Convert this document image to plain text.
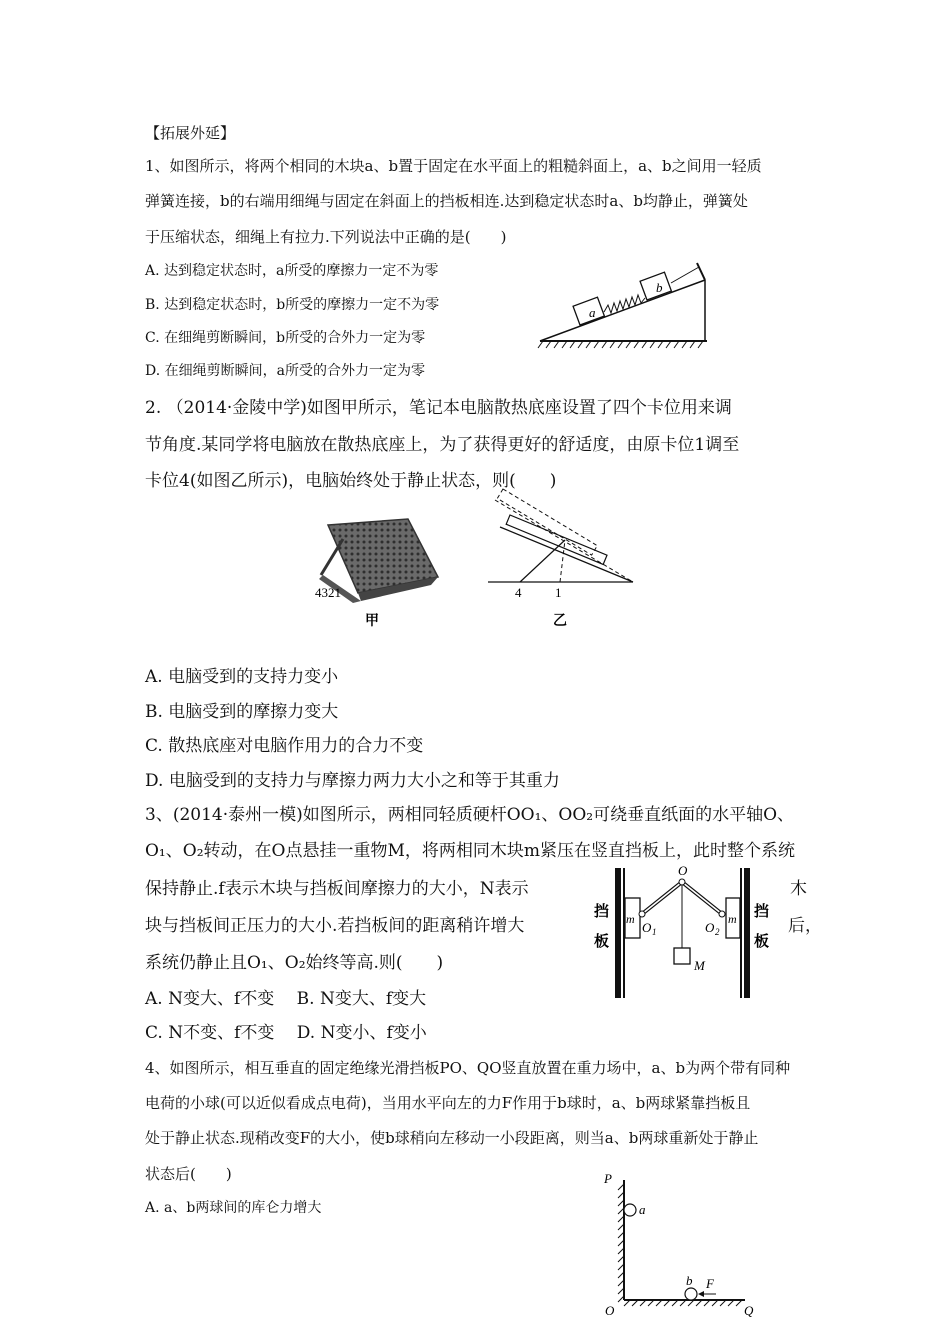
【拓展外延】
1、如图所示，将两个相同的木块a、b置于固定在水平面上的粗糙斜面上，a、b之间用一轻质
弹簧连接，b的右端用细绳与固定在斜面上的挡板相连.达到稳定状态时a、b均静止，弹簧处
于压缩状态，细绳上有拉力.下列说法中正确的是(　　)
A. 达到稳定状态时，a所受的摩擦力一定不为零
B. 达到稳定状态时，b所受的摩擦力一定不为零
C. 在细绳剪断瞬间，b所受的合外力一定为零
D. 在细绳剪断瞬间，a所受的合外力一定为零
a
b
2. （2014·金陵中学)如图甲所示，笔记本电脑散热底座设置了四个卡位用来调
节角度.某同学将电脑放在散热底座上，为了获得更好的舒适度，由原卡位1调至
卡位4(如图乙所示)，电脑始终处于静止状态，则(　　)
4321
甲
4	1
乙
A. 电脑受到的支持力变小
B. 电脑受到的摩擦力变大
C. 散热底座对电脑作用力的合力不变
D. 电脑受到的支持力与摩擦力两力大小之和等于其重力
3、(2014·泰州一模)如图所示，两相同轻质硬杆OO₁、OO₂可绕垂直纸面的水平轴O、
O₁、O₂转动，在O点悬挂一重物M，将两相同木块m紧压在竖直挡板上，此时整个系统
保持静止.f表示木块与挡板间摩擦力的大小，N表示
块与挡板间正压力的大小.若挡板间的距离稍许增大
系统仍静止且O₁、O₂始终等高.则(　　)
木
后，
A. N变大、f不变　 B. N变大、f变大
C. N不变、f不变　 D. N变小、f变小
O
m	m
O 1	O 2
M
挡
板
挡
板
4、如图所示，相互垂直的固定绝缘光滑挡板PO、QO竖直放置在重力场中，a、b为两个带有同种
电荷的小球(可以近似看成点电荷)，当用水平向左的力F作用于b球时，a、b两球紧靠挡板且
处于静止状态.现稍改变F的大小，使b球稍向左移动一小段距离，则当a、b两球重新处于静止
状态后(　　)
A. a、b两球间的库仑力增大
P
a
b F
O	Q
